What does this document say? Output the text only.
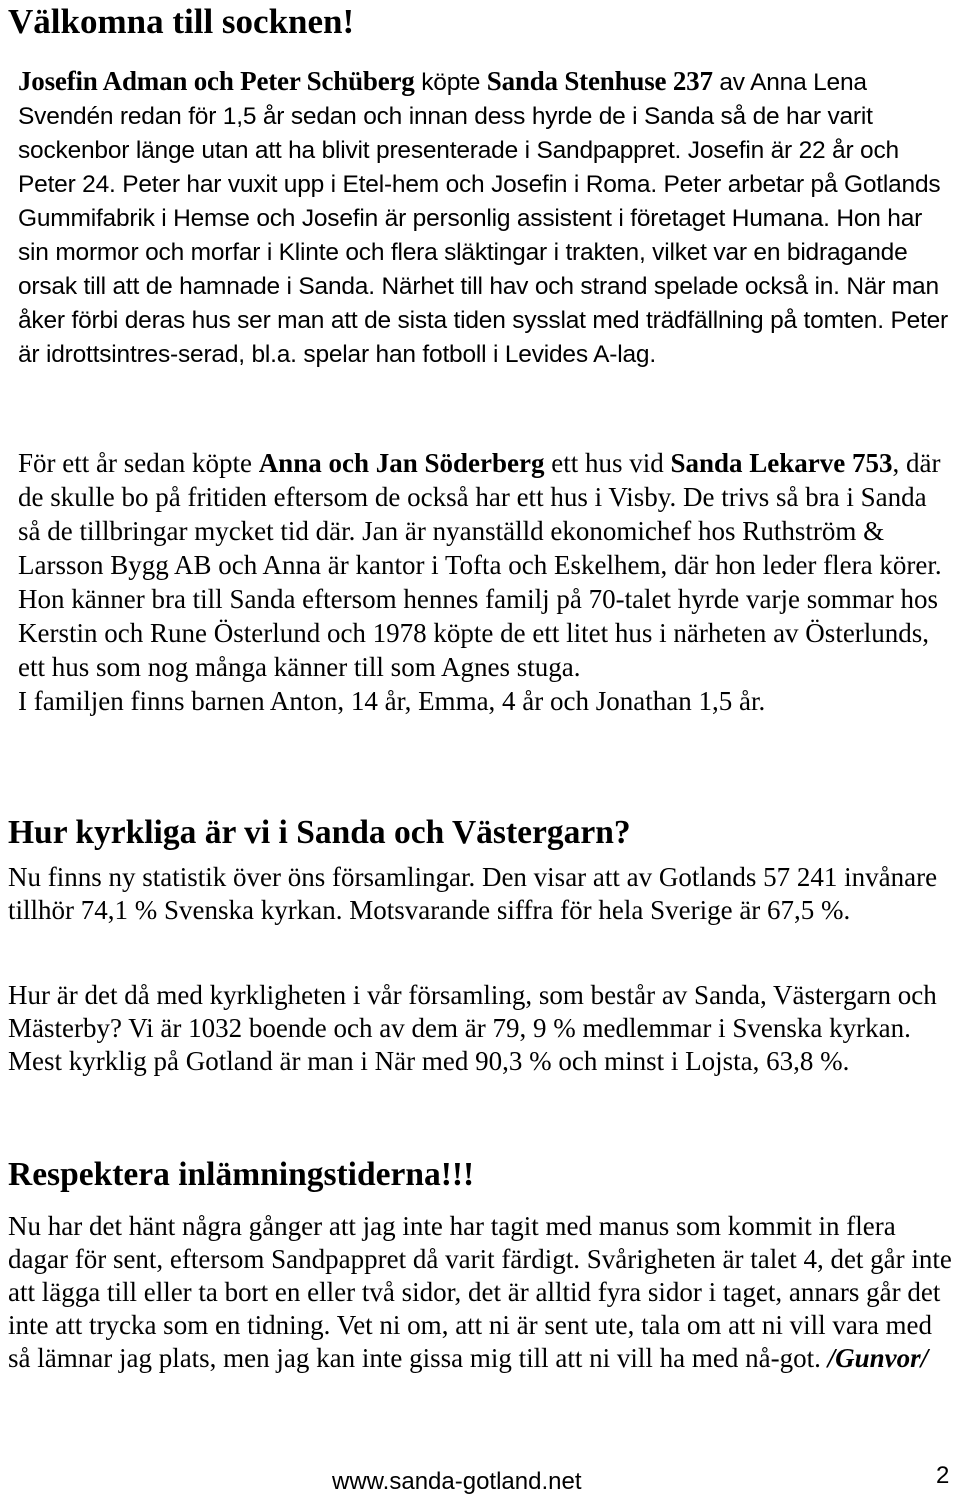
Välkomna till socknen!

Josefin Adman och Peter Schüberg köpte Sanda Stenhuse 237 av Anna Lena Svendén redan för 1,5 år sedan och innan dess hyrde de i Sanda så de har varit sockenbor länge utan att ha blivit presenterade i Sandpappret. Josefin är 22 år och Peter 24. Peter har vuxit upp i Etel-hem och Josefin i Roma. Peter arbetar på Gotlands Gummifabrik i Hemse och Josefin är personlig assistent i företaget Humana. Hon har sin mormor och morfar i Klinte och flera släktingar i trakten, vilket var en bidragande orsak till att de hamnade i Sanda. Närhet till hav och strand spelade också in. När man åker förbi deras hus ser man att de sista tiden sysslat med trädfällning på tomten. Peter är idrottsintres-serad, bl.a. spelar han fotboll i Levides A-lag.

För ett år sedan köpte Anna och Jan Söderberg ett hus vid Sanda Lekarve 753, där de skulle bo på fritiden eftersom de också har ett hus i Visby. De trivs så bra i Sanda så de tillbringar mycket tid där. Jan är nyanställd ekonomichef hos Ruthström & Larsson Bygg AB och Anna är kantor i Tofta och Eskelhem, där hon leder flera körer. Hon känner bra till Sanda eftersom hennes familj på 70-talet hyrde varje sommar hos Kerstin och Rune Österlund och 1978 köpte de ett litet hus i närheten av Österlunds, ett hus som nog många känner till som Agnes stuga.

I familjen finns barnen Anton, 14 år, Emma, 4 år och Jonathan 1,5 år.

Hur kyrkliga är vi i Sanda och Västergarn?

Nu finns ny statistik över öns församlingar. Den visar att av Gotlands 57 241 invånare tillhör 74,1 % Svenska kyrkan. Motsvarande siffra för hela Sverige är 67,5 %.

Hur är det då med kyrkligheten i vår församling, som består av Sanda, Västergarn och Mästerby? Vi är 1032 boende och av dem är 79, 9 % medlemmar i Svenska kyrkan. Mest kyrklig på Gotland är man i När med 90,3 % och minst i Lojsta, 63,8 %.

Respektera inlämningstiderna!!!

Nu har det hänt några gånger att jag inte har tagit med manus som kommit in flera dagar för sent, eftersom Sandpappret då varit färdigt. Svårigheten är talet 4, det går inte att lägga till eller ta bort en eller två sidor, det är alltid fyra sidor i taget, annars går det inte att trycka som en tidning. Vet ni om, att ni är sent ute, tala om att ni vill vara med så lämnar jag plats, men jag kan inte gissa mig till att ni vill ha med nå-got. /Gunvor/

www.sanda-gotland.net	2
